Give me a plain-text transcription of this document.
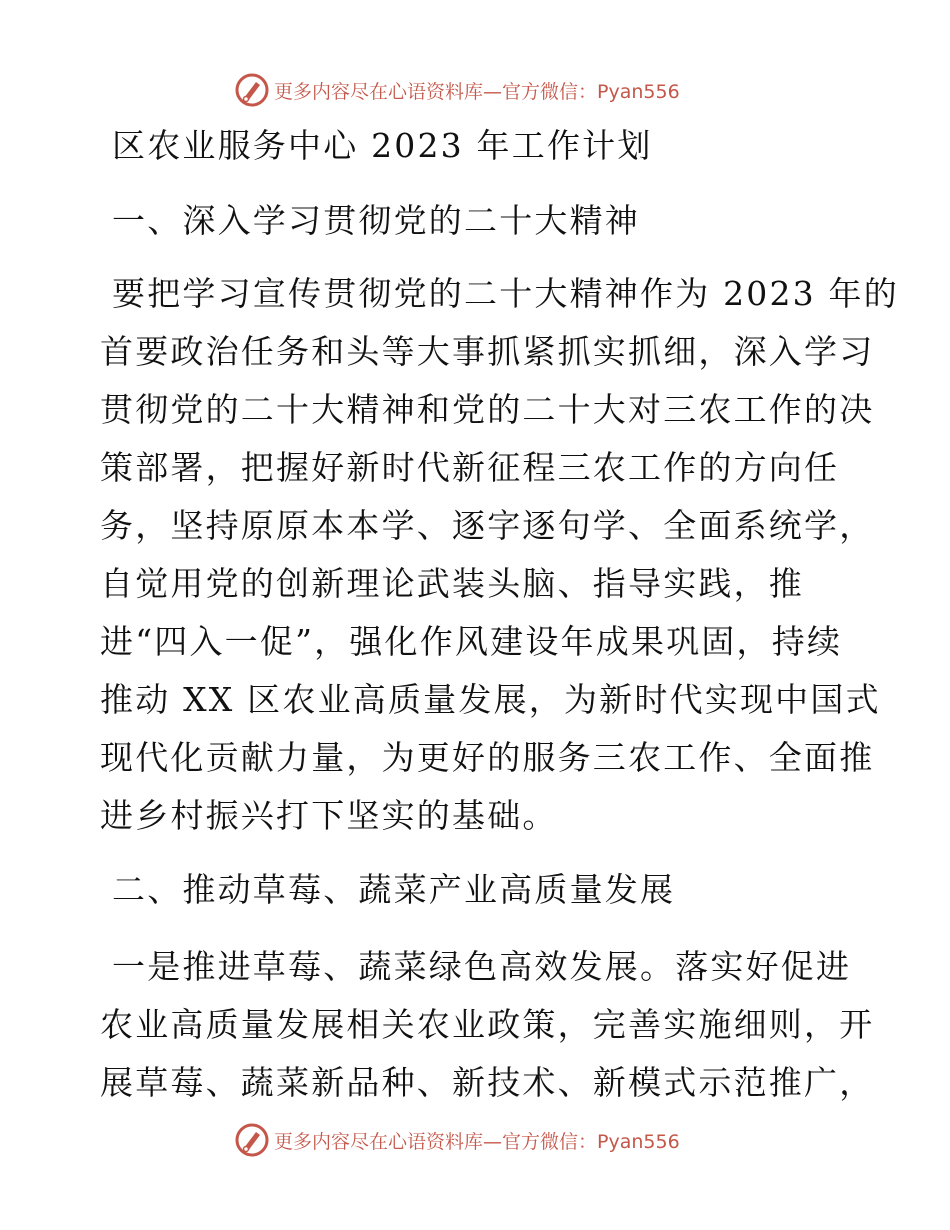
更多内容尽在心语资料库—官方微信：Pyan556
区农业服务中心 2023 年工作计划
一、深入学习贯彻党的二十大精神
要把学习宣传贯彻党的二十大精神作为 2023 年的
首要政治任务和头等大事抓紧抓实抓细，深入学习
贯彻党的二十大精神和党的二十大对三农工作的决
策部署，把握好新时代新征程三农工作的方向任
务，坚持原原本本学、逐字逐句学、全面系统学，
自觉用党的创新理论武装头脑、指导实践，推
进“四入一促”，强化作风建设年成果巩固，持续
推动 XX 区农业高质量发展，为新时代实现中国式
现代化贡献力量，为更好的服务三农工作、全面推
进乡村振兴打下坚实的基础。
二、推动草莓、蔬菜产业高质量发展
一是推进草莓、蔬菜绿色高效发展。落实好促进
农业高质量发展相关农业政策，完善实施细则，开
展草莓、蔬菜新品种、新技术、新模式示范推广，
更多内容尽在心语资料库—官方微信：Pyan556
